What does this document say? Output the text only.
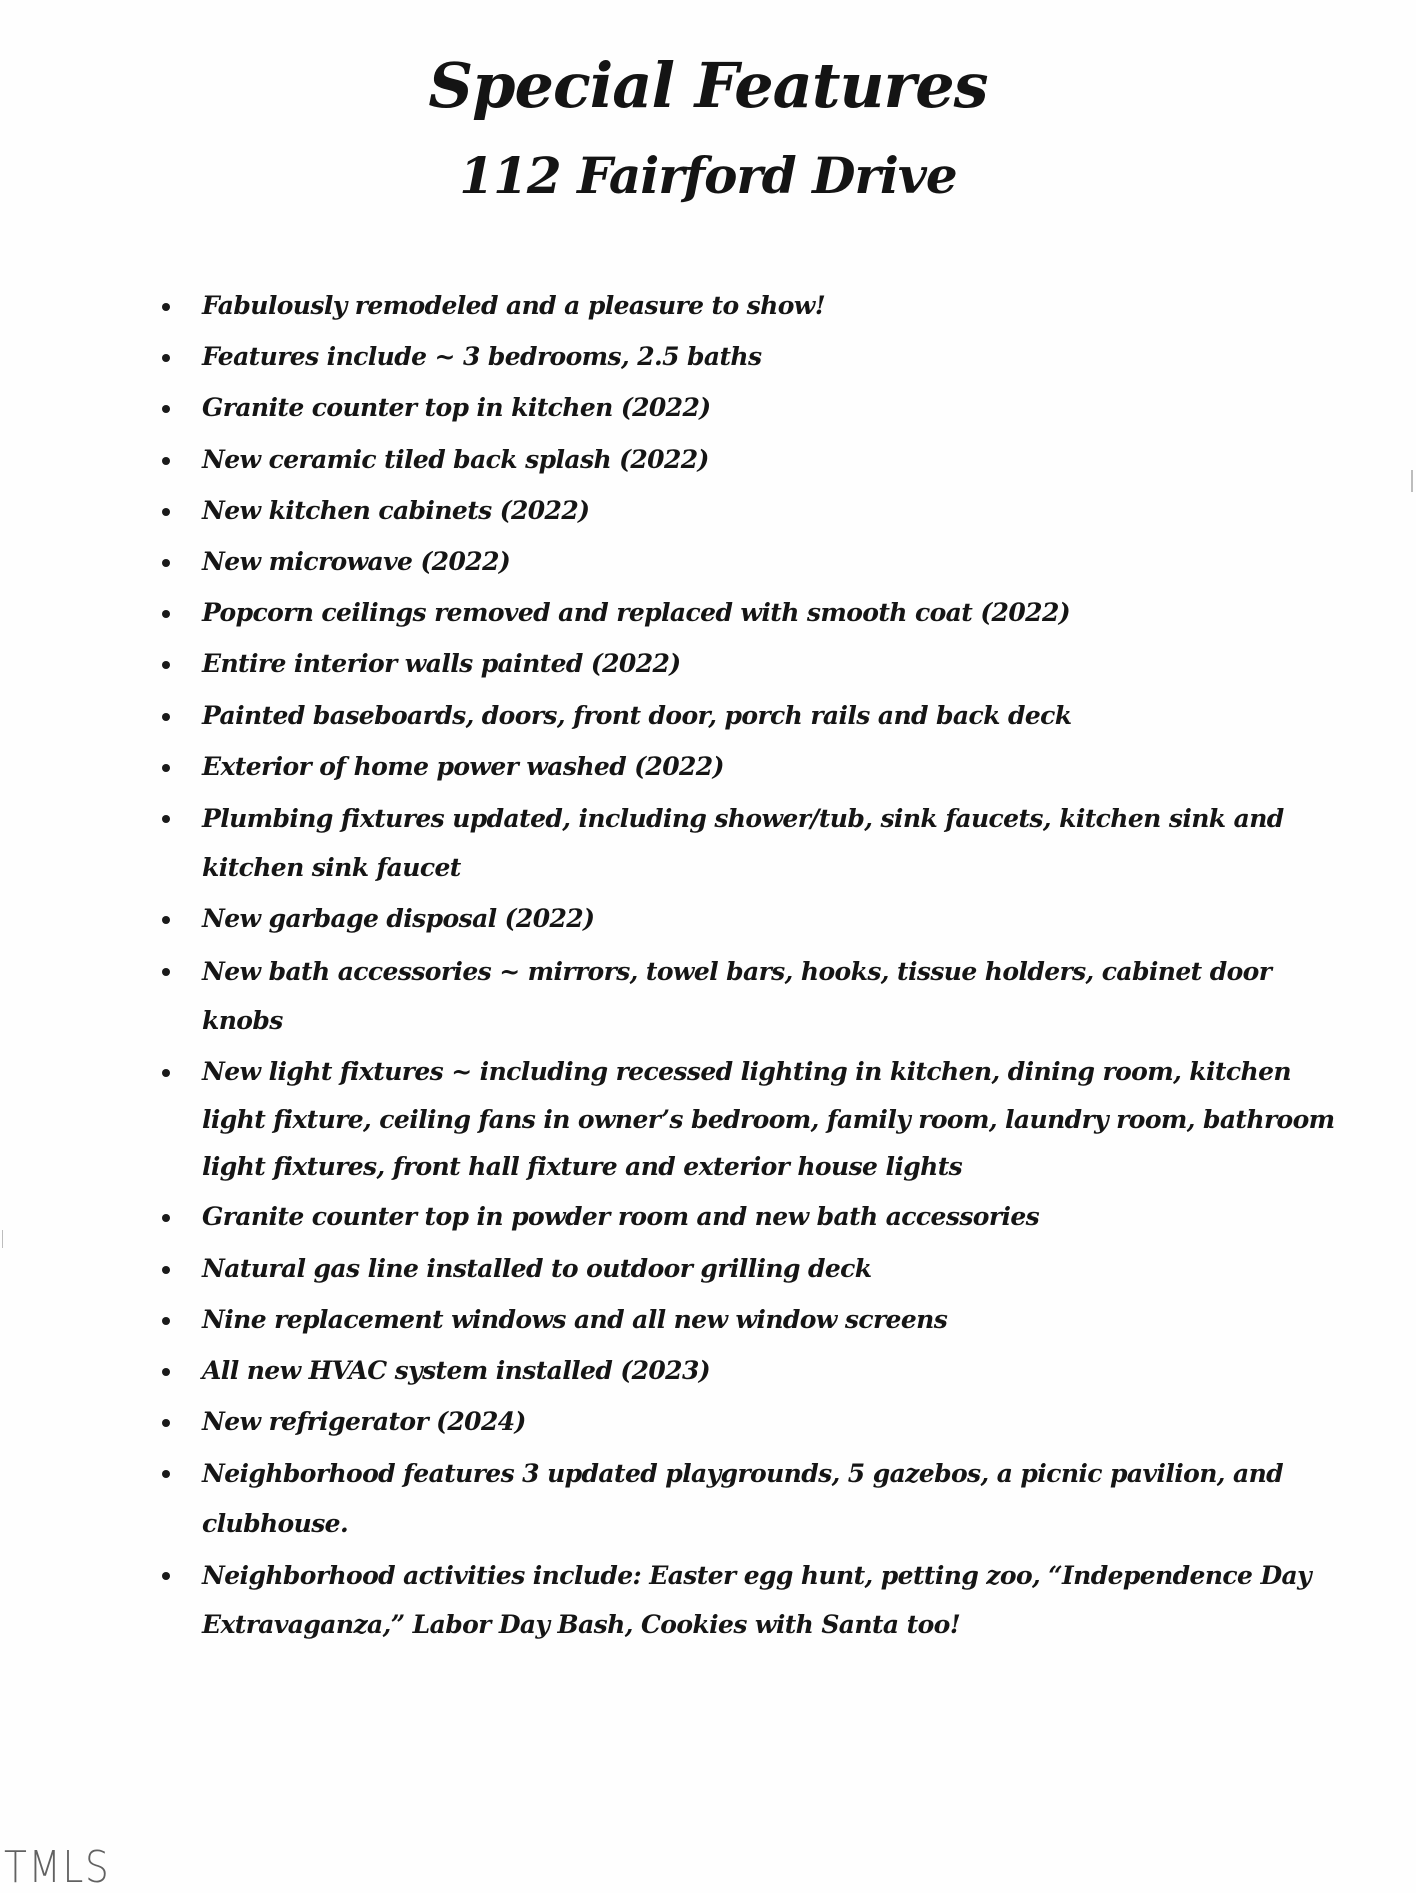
Special Features
112 Fairford Drive
Fabulously remodeled and a pleasure to show!
Features include ~ 3 bedrooms, 2.5 baths
Granite counter top in kitchen (2022)
New ceramic tiled back splash (2022)
New kitchen cabinets (2022)
New microwave (2022)
Popcorn ceilings removed and replaced with smooth coat (2022)
Entire interior walls painted (2022)
Painted baseboards, doors, front door, porch rails and back deck
Exterior of home power washed (2022)
Plumbing fixtures updated, including shower/tub, sink faucets, kitchen sink and kitchen sink faucet
New garbage disposal (2022)
New bath accessories ~ mirrors, towel bars, hooks, tissue holders, cabinet door knobs
New light fixtures ~ including recessed lighting in kitchen, dining room, kitchen light fixture, ceiling fans in owner’s bedroom, family room, laundry room, bathroom light fixtures, front hall fixture and exterior house lights
Granite counter top in powder room and new bath accessories
Natural gas line installed to outdoor grilling deck
Nine replacement windows and all new window screens
All new HVAC system installed (2023)
New refrigerator (2024)
Neighborhood features 3 updated playgrounds, 5 gazebos, a picnic pavilion, and clubhouse.
Neighborhood activities include: Easter egg hunt, petting zoo, “Independence Day Extravaganza,” Labor Day Bash, Cookies with Santa too!
TMLS
